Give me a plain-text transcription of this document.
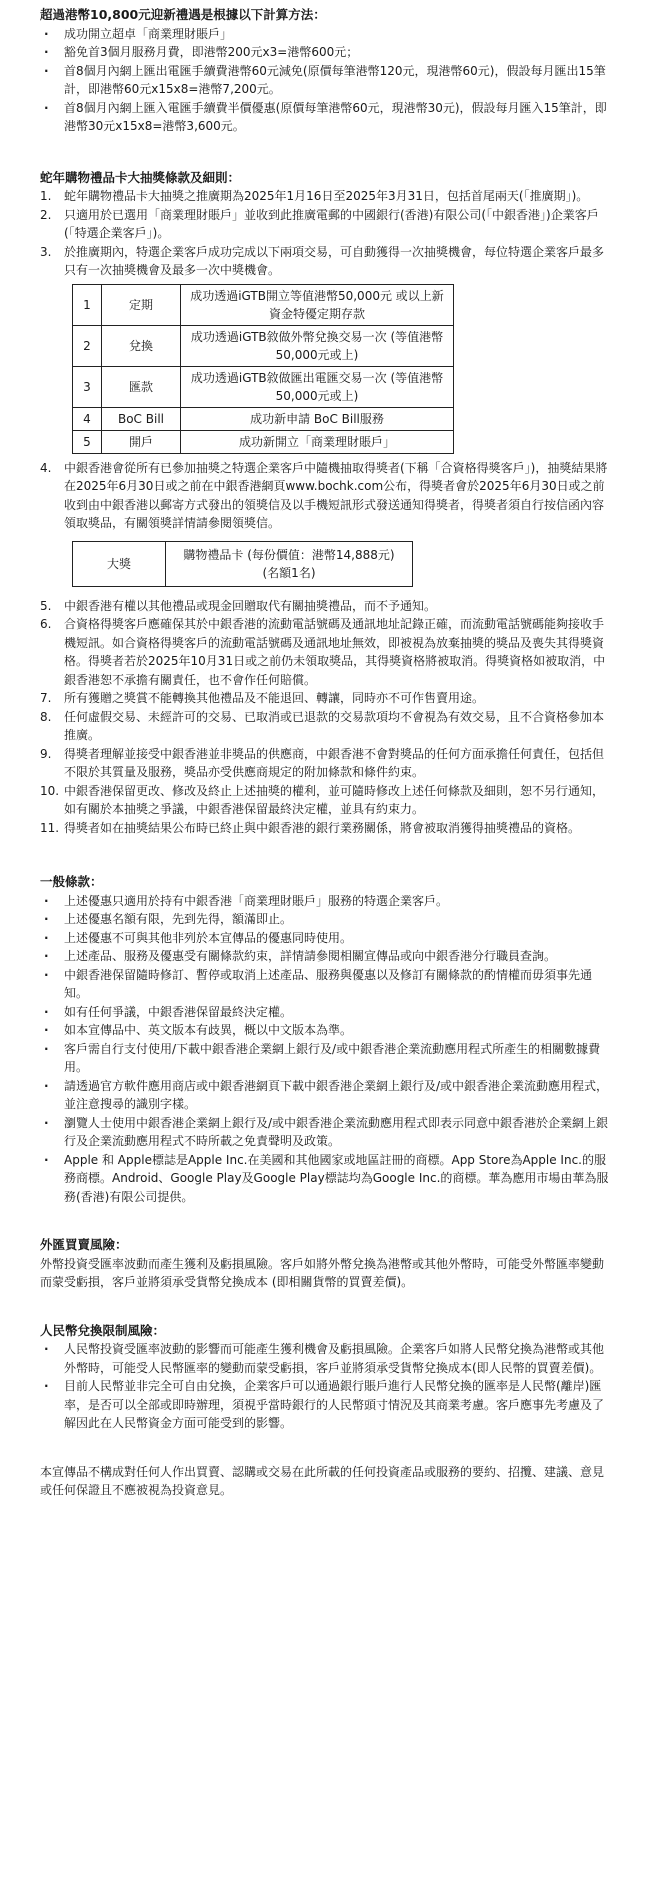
超過港幣10,800元迎新禮遇是根據以下計算方法：

· 成功開立超卓「商業理財賬戶」
· 豁免首3個月服務月費，即港幣200元x3=港幣600元；
· 首8個月內網上匯出電匯手續費港幣60元減免(原價每筆港幣120元，現港幣60元)，假設每月匯出15筆計，即港幣60元x15x8=港幣7,200元。
· 首8個月內網上匯入電匯手續費半價優惠(原價每筆港幣60元，現港幣30元)，假設每月匯入15筆計，即港幣30元x15x8=港幣3,600元。

蛇年購物禮品卡大抽獎條款及細則：

1. 蛇年購物禮品卡大抽獎之推廣期為2025年1月16日至2025年3月31日，包括首尾兩天(「推廣期」)。
2. 只適用於已選用「商業理財賬戶」並收到此推廣電郵的中國銀行(香港)有限公司(「中銀香港」)企業客戶(「特選企業客戶」)。
3. 於推廣期內，特選企業客戶成功完成以下兩項交易，可自動獲得一次抽獎機會，每位特選企業客戶最多只有一次抽獎機會及最多一次中獎機會。
1	定期	成功透過iGTB開立等值港幣50,000元 或以上新資金特優定期存款
2	兌換	成功透過iGTB敘做外幣兌換交易一次 (等值港幣50,000元或上)
3	匯款	成功透過iGTB敘做匯出電匯交易一次 (等值港幣50,000元或上)
4	BoC Bill	成功新申請 BoC Bill服務
5	開戶	成功新開立「商業理財賬戶」
4. 中銀香港會從所有已參加抽獎之特選企業客戶中隨機抽取得獎者(下稱「合資格得獎客戶」)，抽獎結果將在2025年6月30日或之前在中銀香港網頁www.bochk.com公布，得獎者會於2025年6月30日或之前收到由中銀香港以郵寄方式發出的領獎信及以手機短訊形式發送通知得獎者，得獎者須自行按信函內容領取獎品，有關領獎詳情請參閱領獎信。
大獎	購物禮品卡 (每份價值：港幣14,888元)
(名額1名)
5. 中銀香港有權以其他禮品或現金回贈取代有關抽獎禮品，而不予通知。
6. 合資格得獎客戶應確保其於中銀香港的流動電話號碼及通訊地址記錄正確，而流動電話號碼能夠接收手機短訊。如合資格得獎客戶的流動電話號碼及通訊地址無效，即被視為放棄抽獎的獎品及喪失其得獎資格。得獎者若於2025年10月31日或之前仍未領取獎品，其得獎資格將被取消。得獎資格如被取消，中銀香港恕不承擔有關責任，也不會作任何賠償。
7. 所有獲贈之獎賞不能轉換其他禮品及不能退回、轉讓，同時亦不可作售賣用途。
8. 任何虛假交易、未經許可的交易、已取消或已退款的交易款項均不會視為有效交易，且不合資格參加本推廣。
9. 得獎者理解並接受中銀香港並非獎品的供應商，中銀香港不會對獎品的任何方面承擔任何責任，包括但不限於其質量及服務，獎品亦受供應商規定的附加條款和條件約束。
10. 中銀香港保留更改、修改及終止上述抽獎的權利，並可隨時修改上述任何條款及細則，恕不另行通知，如有關於本抽獎之爭議，中銀香港保留最終決定權，並具有約束力。
11. 得獎者如在抽獎結果公布時已終止與中銀香港的銀行業務關係，將會被取消獲得抽獎禮品的資格。

一般條款：

· 上述優惠只適用於持有中銀香港「商業理財賬戶」服務的特選企業客戶。
· 上述優惠名額有限，先到先得，額滿即止。
· 上述優惠不可與其他非列於本宣傳品的優惠同時使用。
· 上述產品、服務及優惠受有關條款約束，詳情請參閱相關宣傳品或向中銀香港分行職員查詢。
· 中銀香港保留隨時修訂、暫停或取消上述產品、服務與優惠以及修訂有關條款的酌情權而毋須事先通知。
· 如有任何爭議，中銀香港保留最終決定權。
· 如本宣傳品中、英文版本有歧異，概以中文版本為準。
· 客戶需自行支付使用/下載中銀香港企業網上銀行及/或中銀香港企業流動應用程式所產生的相關數據費用。
· 請透過官方軟件應用商店或中銀香港網頁下載中銀香港企業網上銀行及/或中銀香港企業流動應用程式，並注意搜尋的識別字樣。
· 瀏覽人士使用中銀香港企業網上銀行及/或中銀香港企業流動應用程式即表示同意中銀香港於企業網上銀行及企業流動應用程式不時所載之免責聲明及政策。
· Apple 和 Apple標誌是Apple Inc.在美國和其他國家或地區註冊的商標。App Store為Apple Inc.的服務商標。Android、Google Play及Google Play標誌均為Google Inc.的商標。華為應用市場由華為服務(香港)有限公司提供。

外匯買賣風險：

外幣投資受匯率波動而產生獲利及虧損風險。客戶如將外幣兌換為港幣或其他外幣時，可能受外幣匯率變動而蒙受虧損，客戶並將須承受貨幣兌換成本 (即相關貨幣的買賣差價)。

人民幣兌換限制風險：

· 人民幣投資受匯率波動的影響而可能產生獲利機會及虧損風險。企業客戶如將人民幣兌換為港幣或其他外幣時，可能受人民幣匯率的變動而蒙受虧損，客戶並將須承受貨幣兌換成本(即人民幣的買賣差價)。
· 目前人民幣並非完全可自由兌換，企業客戶可以通過銀行賬戶進行人民幣兌換的匯率是人民幣(離岸)匯率，是否可以全部或即時辦理，須視乎當時銀行的人民幣頭寸情況及其商業考慮。客戶應事先考慮及了解因此在人民幣資金方面可能受到的影響。

本宣傳品不構成對任何人作出買賣、認購或交易在此所載的任何投資產品或服務的要約、招攬、建議、意見或任何保證且不應被視為投資意見。
